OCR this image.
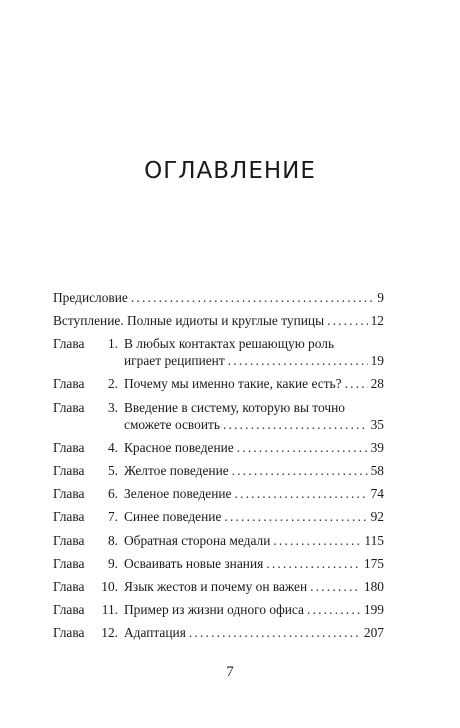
ОГЛАВЛЕНИЕ
Предисловие .....	9
Вступление. Полные идиоты и круглые тупицы .....	12
Глава	1. В любых контактах решающую роль
играет реципиент .....	19
Глава	2. Почему мы именно такие, какие есть? ..... 28
Глава	3. Введение в систему, которую вы точно
сможете освоить .....	35
Глава	4. Красное поведение .....	39
Глава	5. Желтое поведение .....	58
Глава	6. Зеленое поведение .....	74
Глава	7. Синее поведение .....	92
Глава	8. Обратная сторона медали .....	115
Глава	9. Осваивать новые знания .....	175
Глава	10. Язык жестов и почему он важен .....	180
Глава	11. Пример из жизни одного офиса .....	199
Глава	12. Адаптация .....	207
7
